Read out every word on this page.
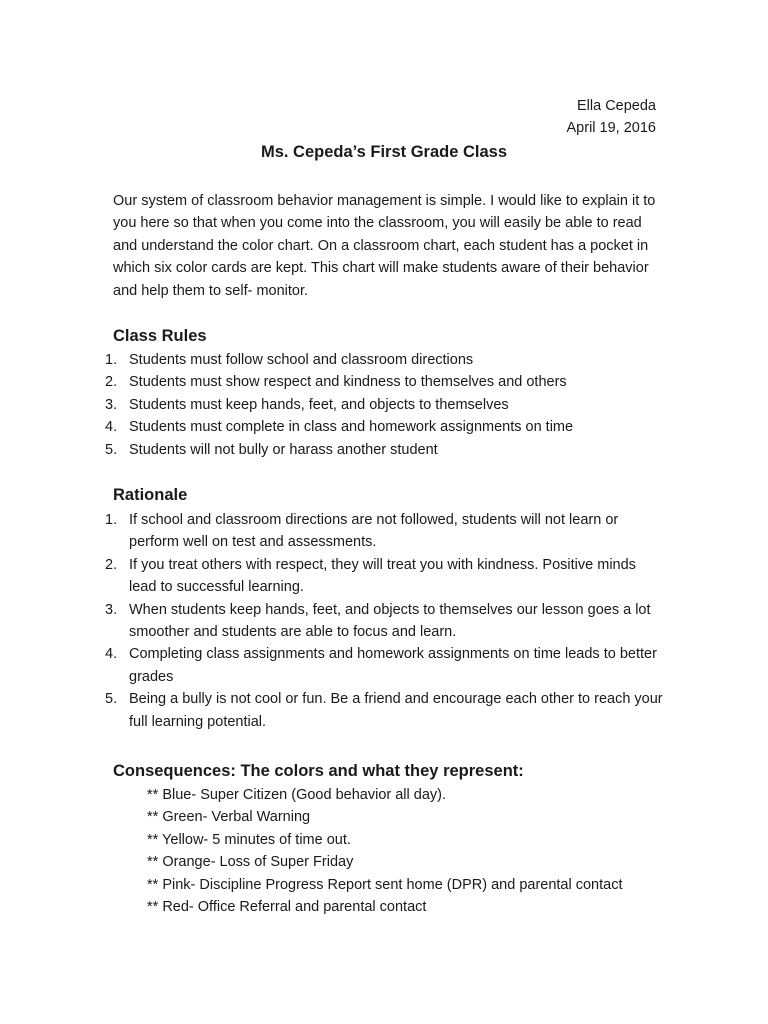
Ella Cepeda
April 19, 2016
Ms. Cepeda’s First Grade Class

Our system of classroom behavior management is simple. I would like to explain it to you here so that when you come into the classroom, you will easily be able to read and understand the color chart. On a classroom chart, each student has a pocket in which six color cards are kept. This chart will make students aware of their behavior and help them to self- monitor.

Class Rules
1. Students must follow school and classroom directions
2. Students must show respect and kindness to themselves and others
3. Students must keep hands, feet, and objects to themselves
4. Students must complete in class and homework assignments on time
5. Students will not bully or harass another student
Rationale
1. If school and classroom directions are not followed, students will not learn or perform well on test and assessments.
2. If you treat others with respect, they will treat you with kindness. Positive minds lead to successful learning.
3. When students keep hands, feet, and objects to themselves our lesson goes a lot smoother and students are able to focus and learn.
4. Completing class assignments and homework assignments on time leads to better grades
5. Being a bully is not cool or fun. Be a friend and encourage each other to reach your full learning potential.
Consequences: The colors and what they represent:
** Blue- Super Citizen (Good behavior all day).
** Green- Verbal Warning
** Yellow- 5 minutes of time out.
** Orange- Loss of Super Friday
** Pink- Discipline Progress Report sent home (DPR) and parental contact
** Red- Office Referral and parental contact
